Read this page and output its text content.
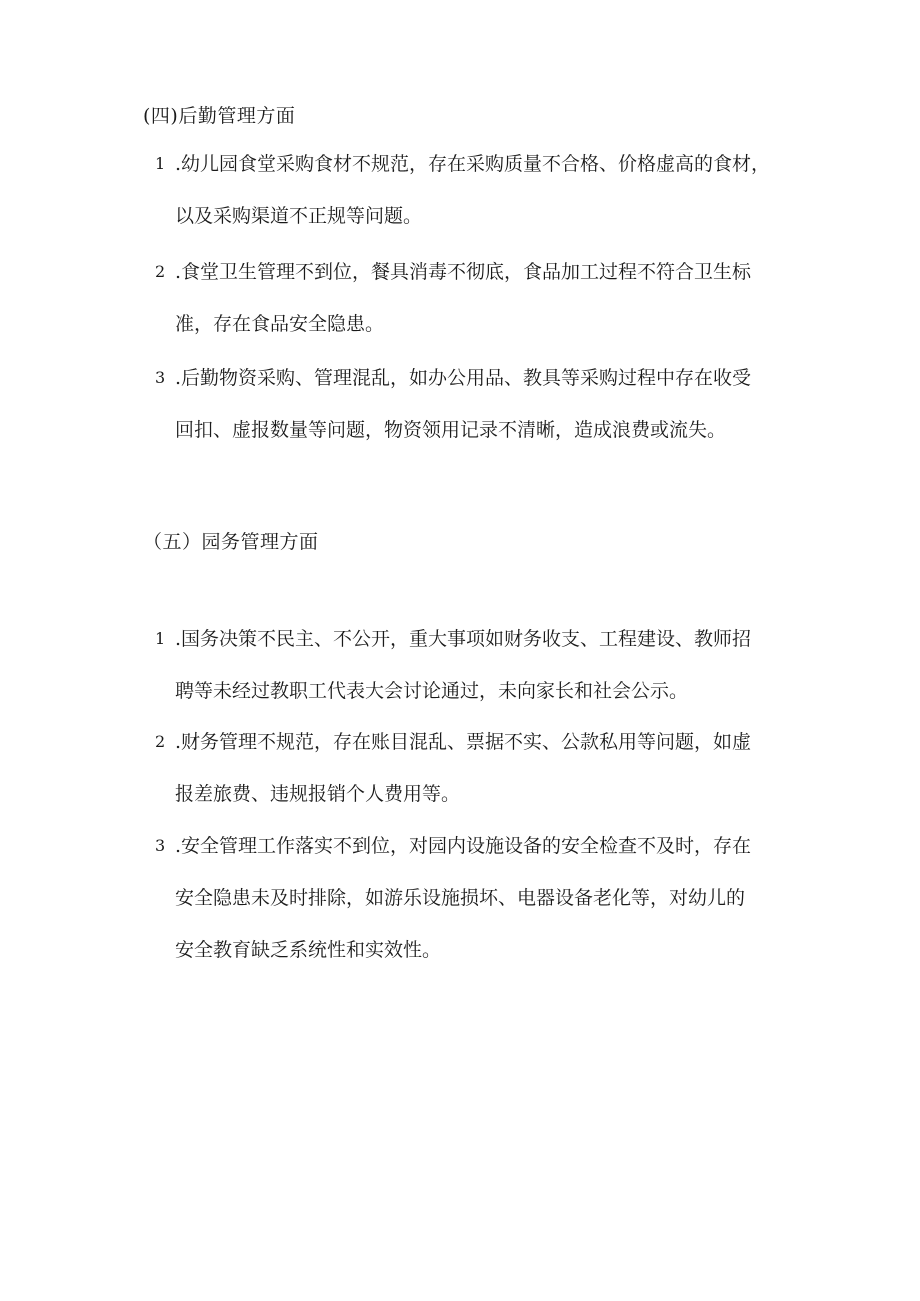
(四)后勤管理方面
1 .幼儿园食堂采购食材不规范，存在采购质量不合格、价格虚高的食材，
以及采购渠道不正规等问题。
2 .食堂卫生管理不到位，餐具消毒不彻底，食品加工过程不符合卫生标
准，存在食品安全隐患。
3 .后勤物资采购、管理混乱，如办公用品、教具等采购过程中存在收受
回扣、虚报数量等问题，物资领用记录不清晰，造成浪费或流失。
（五）园务管理方面
1 .国务决策不民主、不公开，重大事项如财务收支、工程建设、教师招
聘等未经过教职工代表大会讨论通过，未向家长和社会公示。
2 .财务管理不规范，存在账目混乱、票据不实、公款私用等问题，如虚
报差旅费、违规报销个人费用等。
3 .安全管理工作落实不到位，对园内设施设备的安全检查不及时，存在
安全隐患未及时排除，如游乐设施损坏、电器设备老化等，对幼儿的
安全教育缺乏系统性和实效性。
